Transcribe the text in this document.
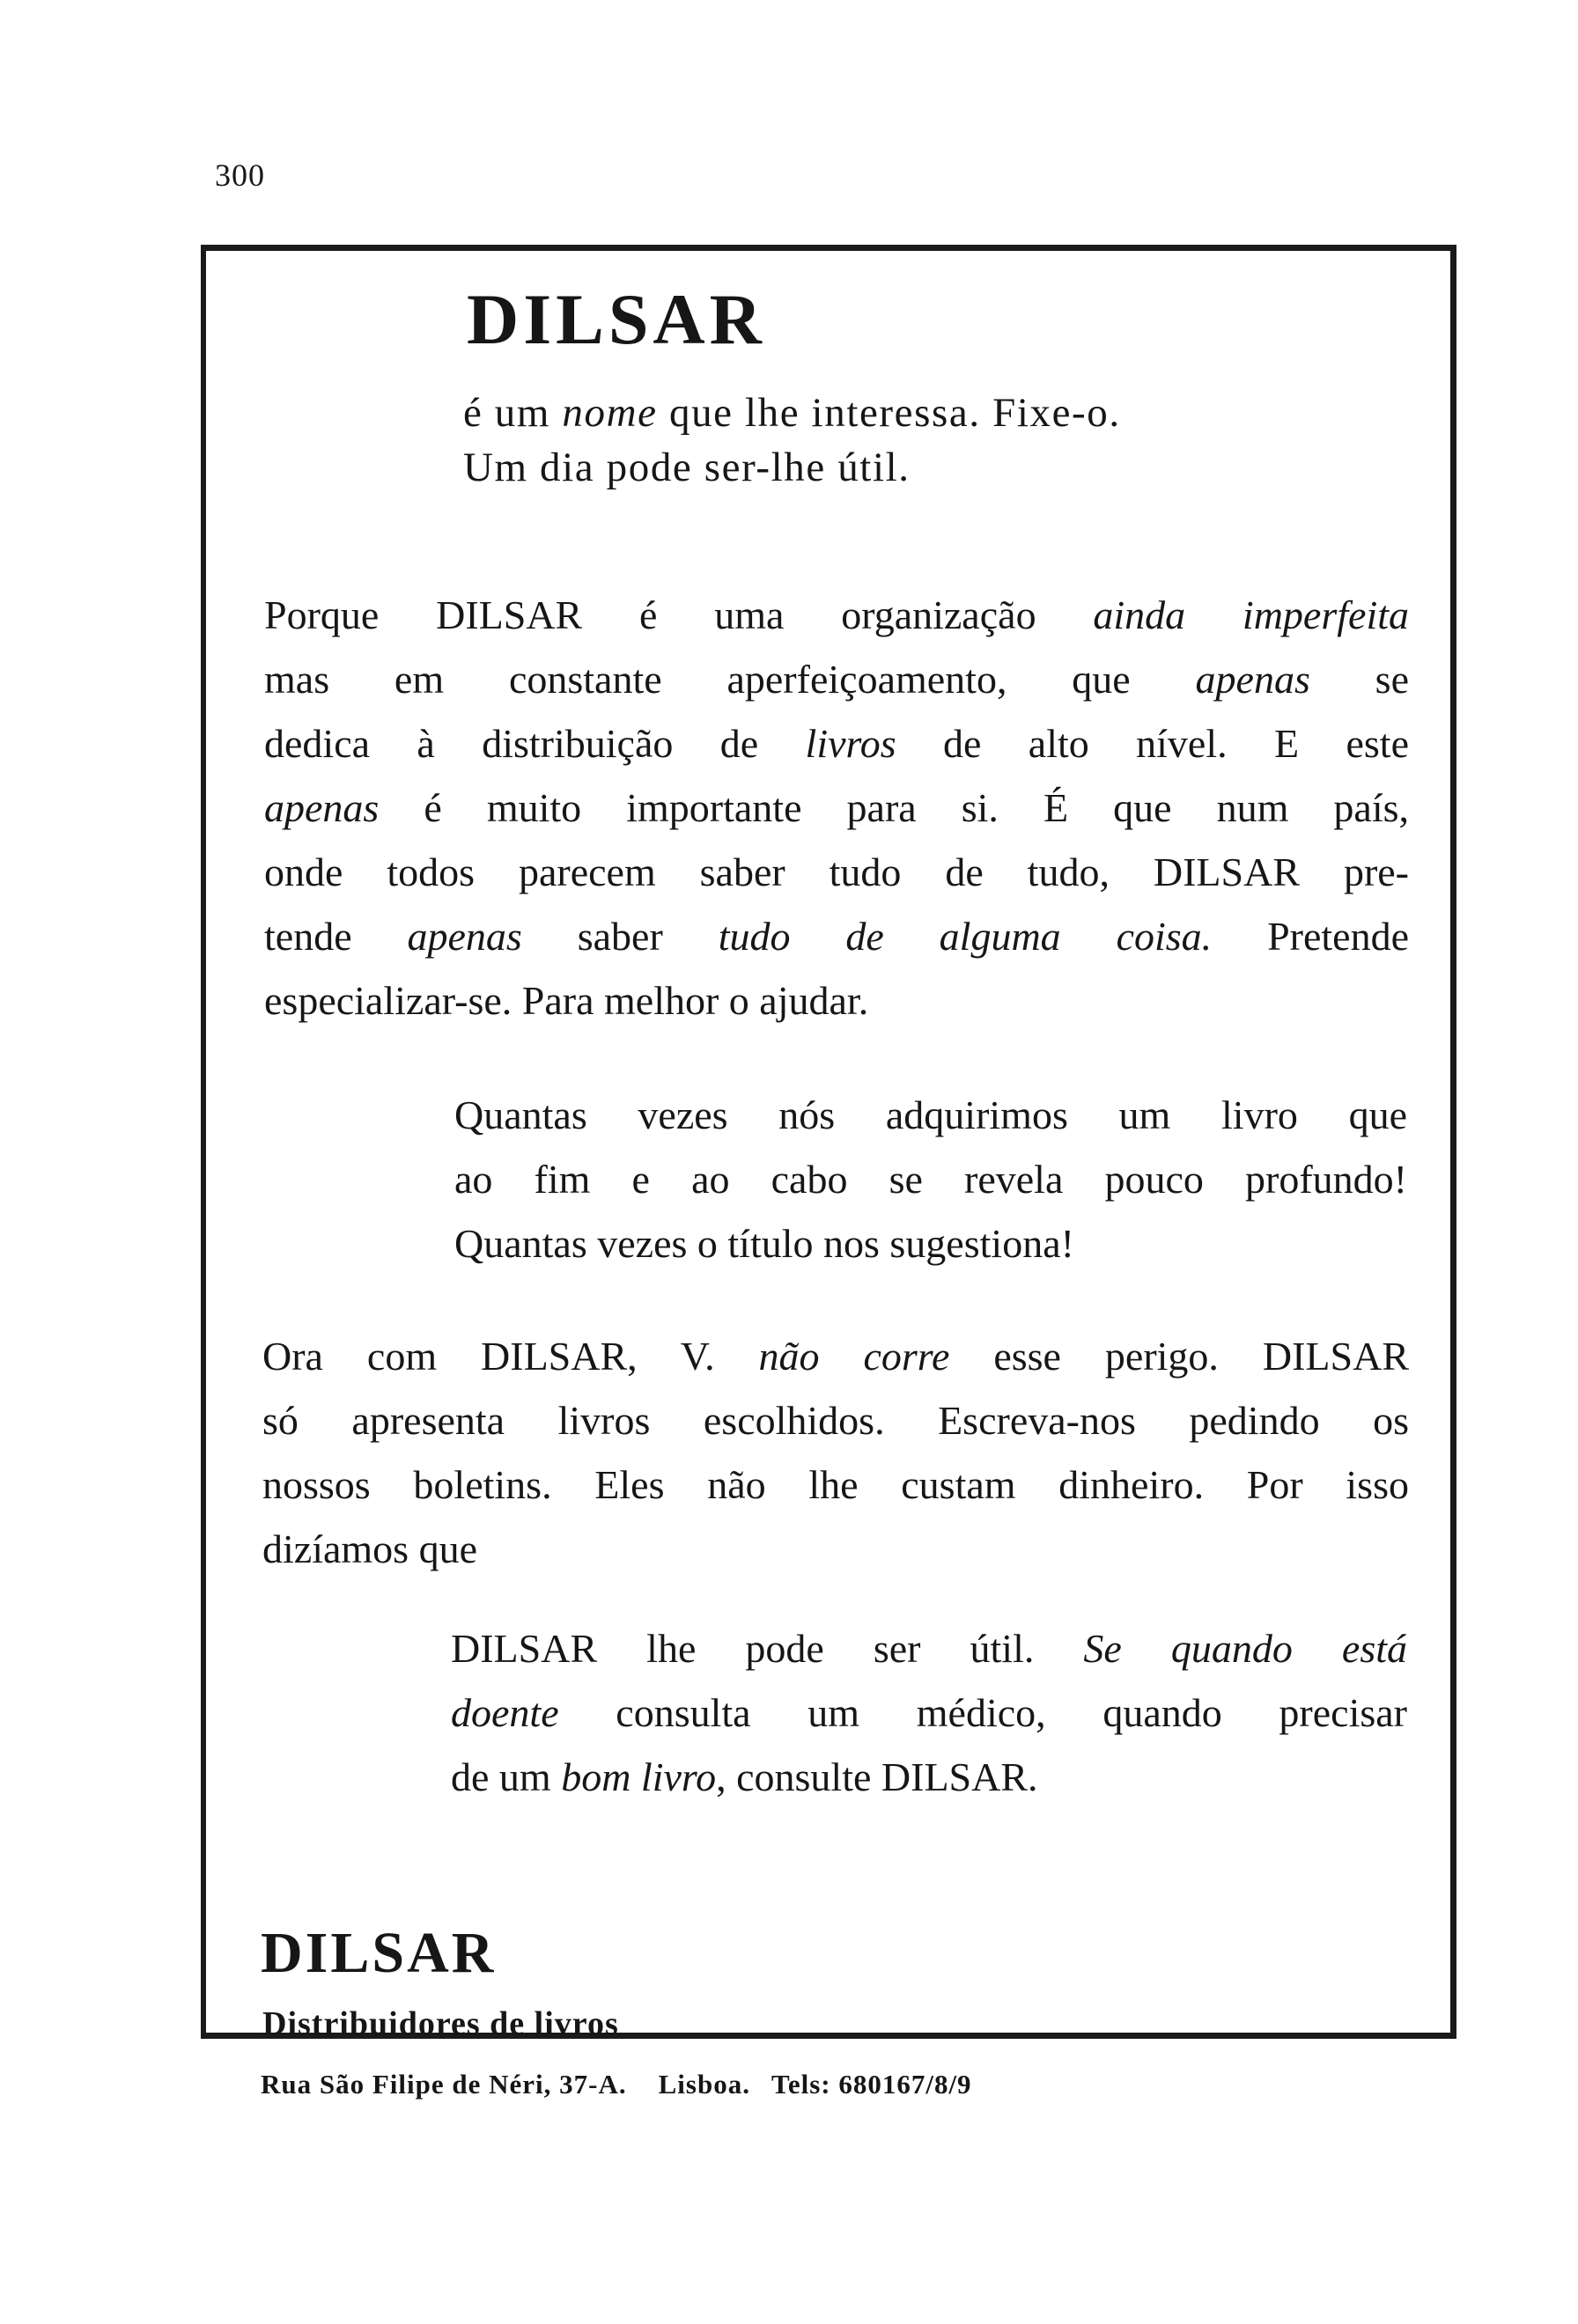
300
DILSAR
é um nome que lhe interessa. Fixe-o.
Um dia pode ser-lhe útil.
Porque DILSAR é uma organização ainda imperfeita
mas em constante aperfeiçoamento, que apenas se
dedica à distribuição de livros de alto nível. E este
apenas é muito importante para si. É que num país,
onde todos parecem saber tudo de tudo, DILSAR pre-
tende apenas saber tudo de alguma coisa. Pretende
especializar-se. Para melhor o ajudar.
Quantas vezes nós adquirimos um livro que
ao fim e ao cabo se revela pouco profundo!
Quantas vezes o título nos sugestiona!
Ora com DILSAR, V. não corre esse perigo. DILSAR
só apresenta livros escolhidos. Escreva-nos pedindo os
nossos boletins. Eles não lhe custam dinheiro. Por isso
dizíamos que
DILSAR lhe pode ser útil. Se quando está
doente consulta um médico, quando precisar
de um bom livro, consulte DILSAR.
DILSAR
Distribuidores de livros
Rua São Filipe de Néri, 37-A. Lisboa. Tels: 680167/8/9
